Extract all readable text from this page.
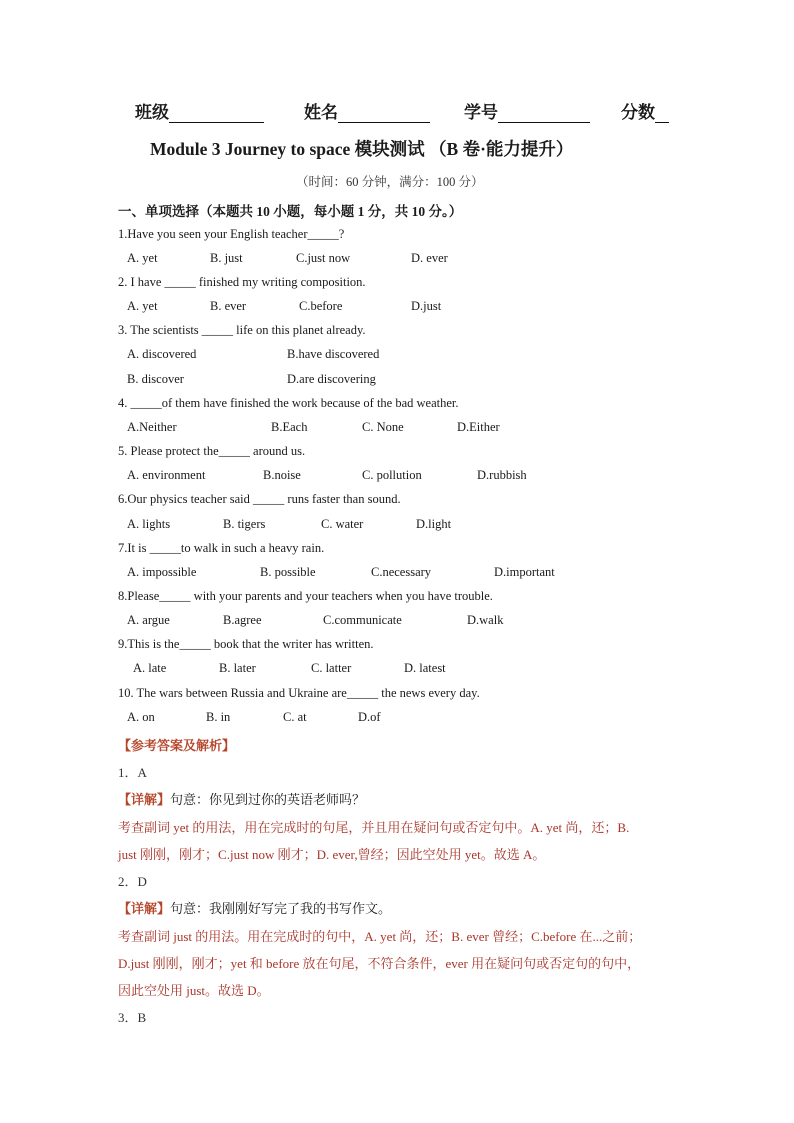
班级	姓名	学号	分数
Module 3 Journey to space 模块测试 （B 卷·能力提升）
（时间：60 分钟，满分：100 分）
一、单项选择（本题共 10 小题，每小题 1 分，共 10 分。）
1.Have you seen your English teacher_____?
A. yet	B. just	C.just now	D. ever
2. I have _____ finished my writing composition.
A. yet	B. ever	C.before	D.just
3. The scientists _____ life on this planet already.
A. discovered	B.have discovered
B. discover	D.are discovering
4. _____of them have finished the work because of the bad weather.
A.Neither	B.Each	C. None	D.Either
5. Please protect the_____ around us.
A. environment	B.noise	C. pollution	D.rubbish
6.Our physics teacher said _____ runs faster than sound.
A. lights	B. tigers	C. water	D.light
7.It is _____to walk in such a heavy rain.
A. impossible	B. possible	C.necessary	D.important
8.Please_____ with your parents and your teachers when you have trouble.
A. argue	B.agree	C.communicate	D.walk
9.This is the_____ book that the writer has written.
A. late	B. later	C. latter	D. latest
10. The wars between Russia and Ukraine are_____ the news every day.
A. on	B. in	C. at	D.of
【参考答案及解析】
1．A
【详解】句意：你见到过你的英语老师吗？
考查副词 yet 的用法，用在完成时的句尾，并且用在疑问句或否定句中。A. yet 尚，还；B.
just 刚刚，刚才；C.just now 刚才；D. ever,曾经；因此空处用 yet。故选 A。
2．D
【详解】句意：我刚刚好写完了我的书写作文。
考查副词 just 的用法。用在完成时的句中，A. yet 尚，还；B. ever 曾经；C.before 在...之前；
D.just 刚刚，刚才；yet 和 before 放在句尾，不符合条件，ever 用在疑问句或否定句的句中，
因此空处用 just。故选 D。
3．B
